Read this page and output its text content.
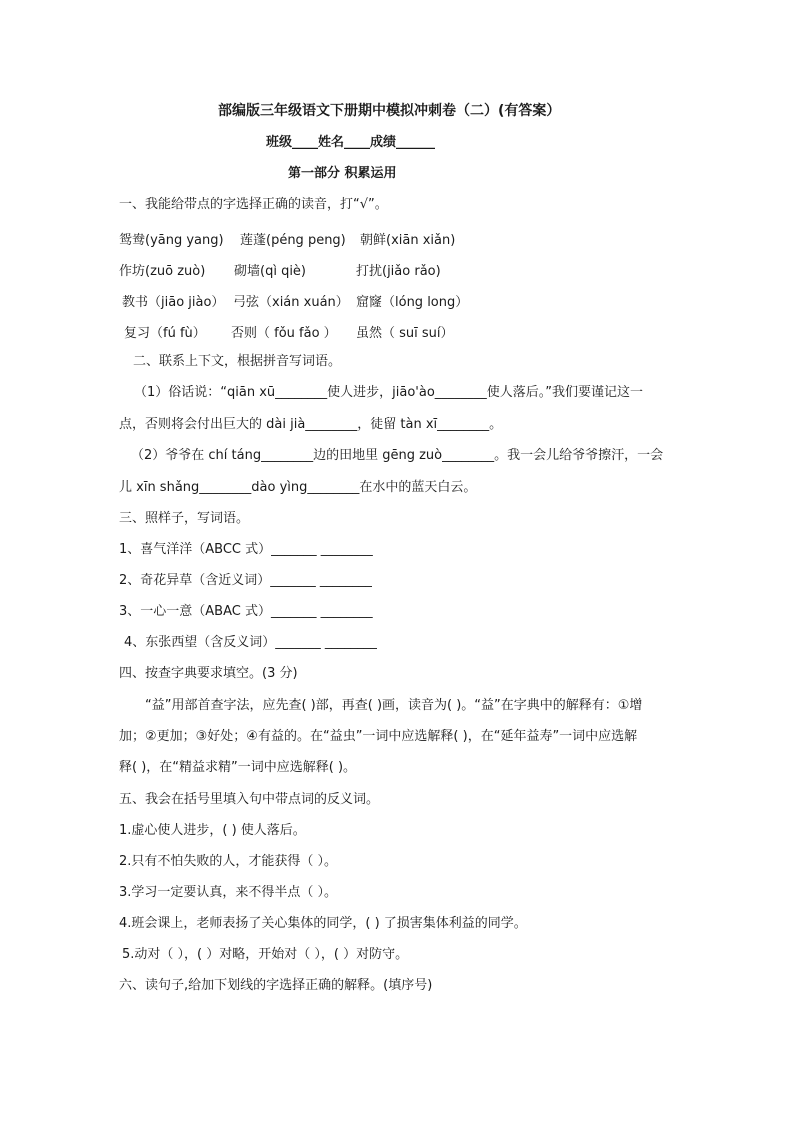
部编版三年级语文下册期中模拟冲刺卷（二）(有答案）
班级____姓名____成绩______
第一部分 积累运用
一、我能给带点的字选择正确的读音，打“√”。
鸳鸯(yāng yang) 莲蓬(péng peng) 朝鲜(xiān xiǎn)
作坊(zuō zuò) 砌墙(qì qiè)	打扰(jiǎo rǎo)
教书（jiāo jiào） 弓弦（xián xuán） 窟窿（lóng long）
复习（fú fù） 否则（ fǒu fǎo ） 虽然（ suī suí）
二、联系上下文，根据拼音写词语。
（1）俗话说：“qiān xū________使人进步，jiāo'ào________使人落后。”我们要谨记这一
点，否则将会付出巨大的 dài jià________，徒留 tàn xī________。
（2）爷爷在 chí táng________边的田地里 gēng zuò________。我一会儿给爷爷擦汗，一会
儿 xīn shǎng________dào yìng________在水中的蓝天白云。
三、照样子，写词语。
1、喜气洋洋（ABCC 式）_______ ________
2、奇花异草（含近义词）_______ ________
3、一心一意（ABAC 式）_______ ________
4、东张西望（含反义词）_______ ________
四、按查字典要求填空。(3 分)
“益”用部首查字法，应先查( )部，再查( )画，读音为( )。“益”在字典中的解释有：①增
加；②更加；③好处；④有益的。在“益虫”一词中应选解释( )，在“延年益寿”一词中应选解
释( )，在“精益求精”一词中应选解释( )。
五、我会在括号里填入句中带点词的反义词。
1.虚心使人进步，( ) 使人落后。
2.只有不怕失败的人，才能获得（ ）。
3.学习一定要认真，来不得半点（ ）。
4.班会课上，老师表扬了关心集体的同学，( ) 了损害集体利益的同学。
5.动对（ ），( ）对略，开始对（ ），( ）对防守。
六、读句子,给加下划线的字选择正确的解释。(填序号)
